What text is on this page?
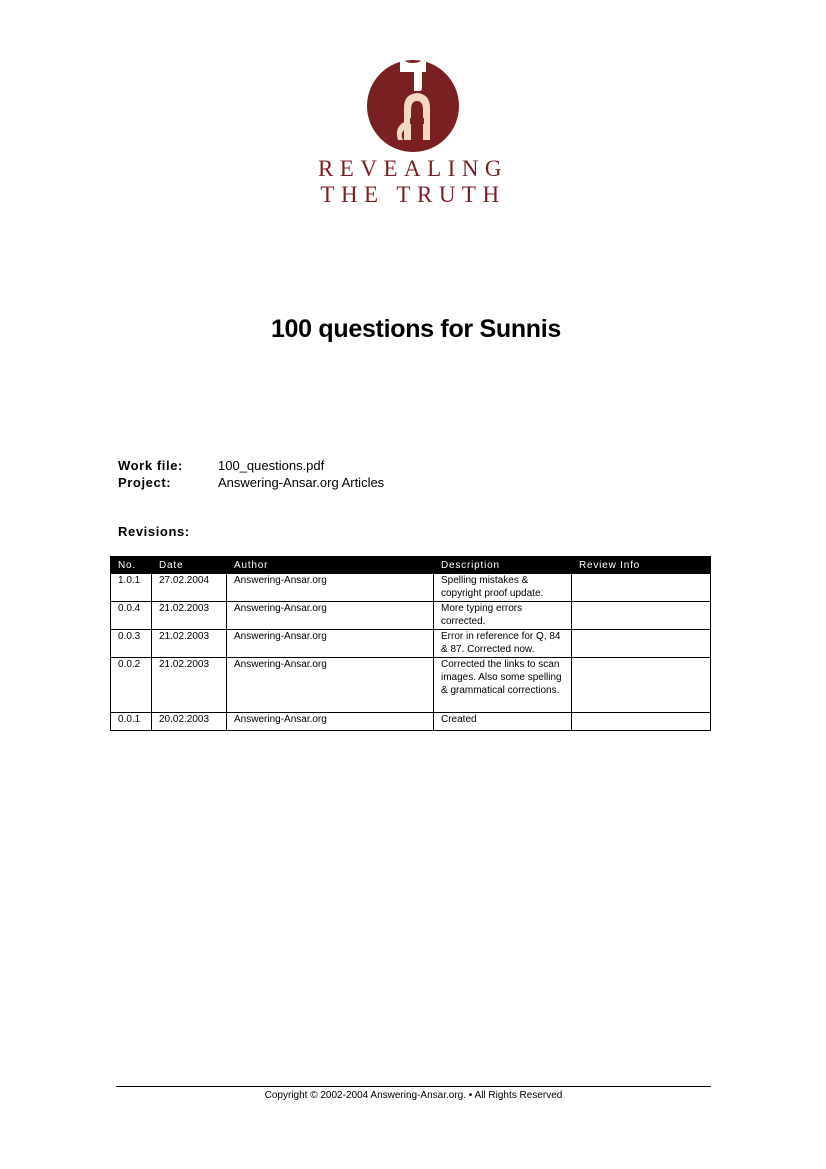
REVEALING
THE TRUTH
100 questions for Sunnis
Work file:	100_questions.pdf
Project:	Answering-Ansar.org Articles
Revisions:
No.	Date	Author	Description	Review Info
1.0.1	27.02.2004	Answering-Ansar.org	Spelling mistakes & copyright proof update.	
0.0.4	21.02.2003	Answering-Ansar.org	More typing errors corrected.	
0.0.3	21.02.2003	Answering-Ansar.org	Error in reference for Q, 84 & 87. Corrected now.	
0.0.2	21.02.2003	Answering-Ansar.org	Corrected the links to scan images. Also some spelling & grammatical corrections.	
0.0.1	20.02.2003	Answering-Ansar.org	Created	
Copyright © 2002-2004 Answering-Ansar.org. • All Rights Reserved
